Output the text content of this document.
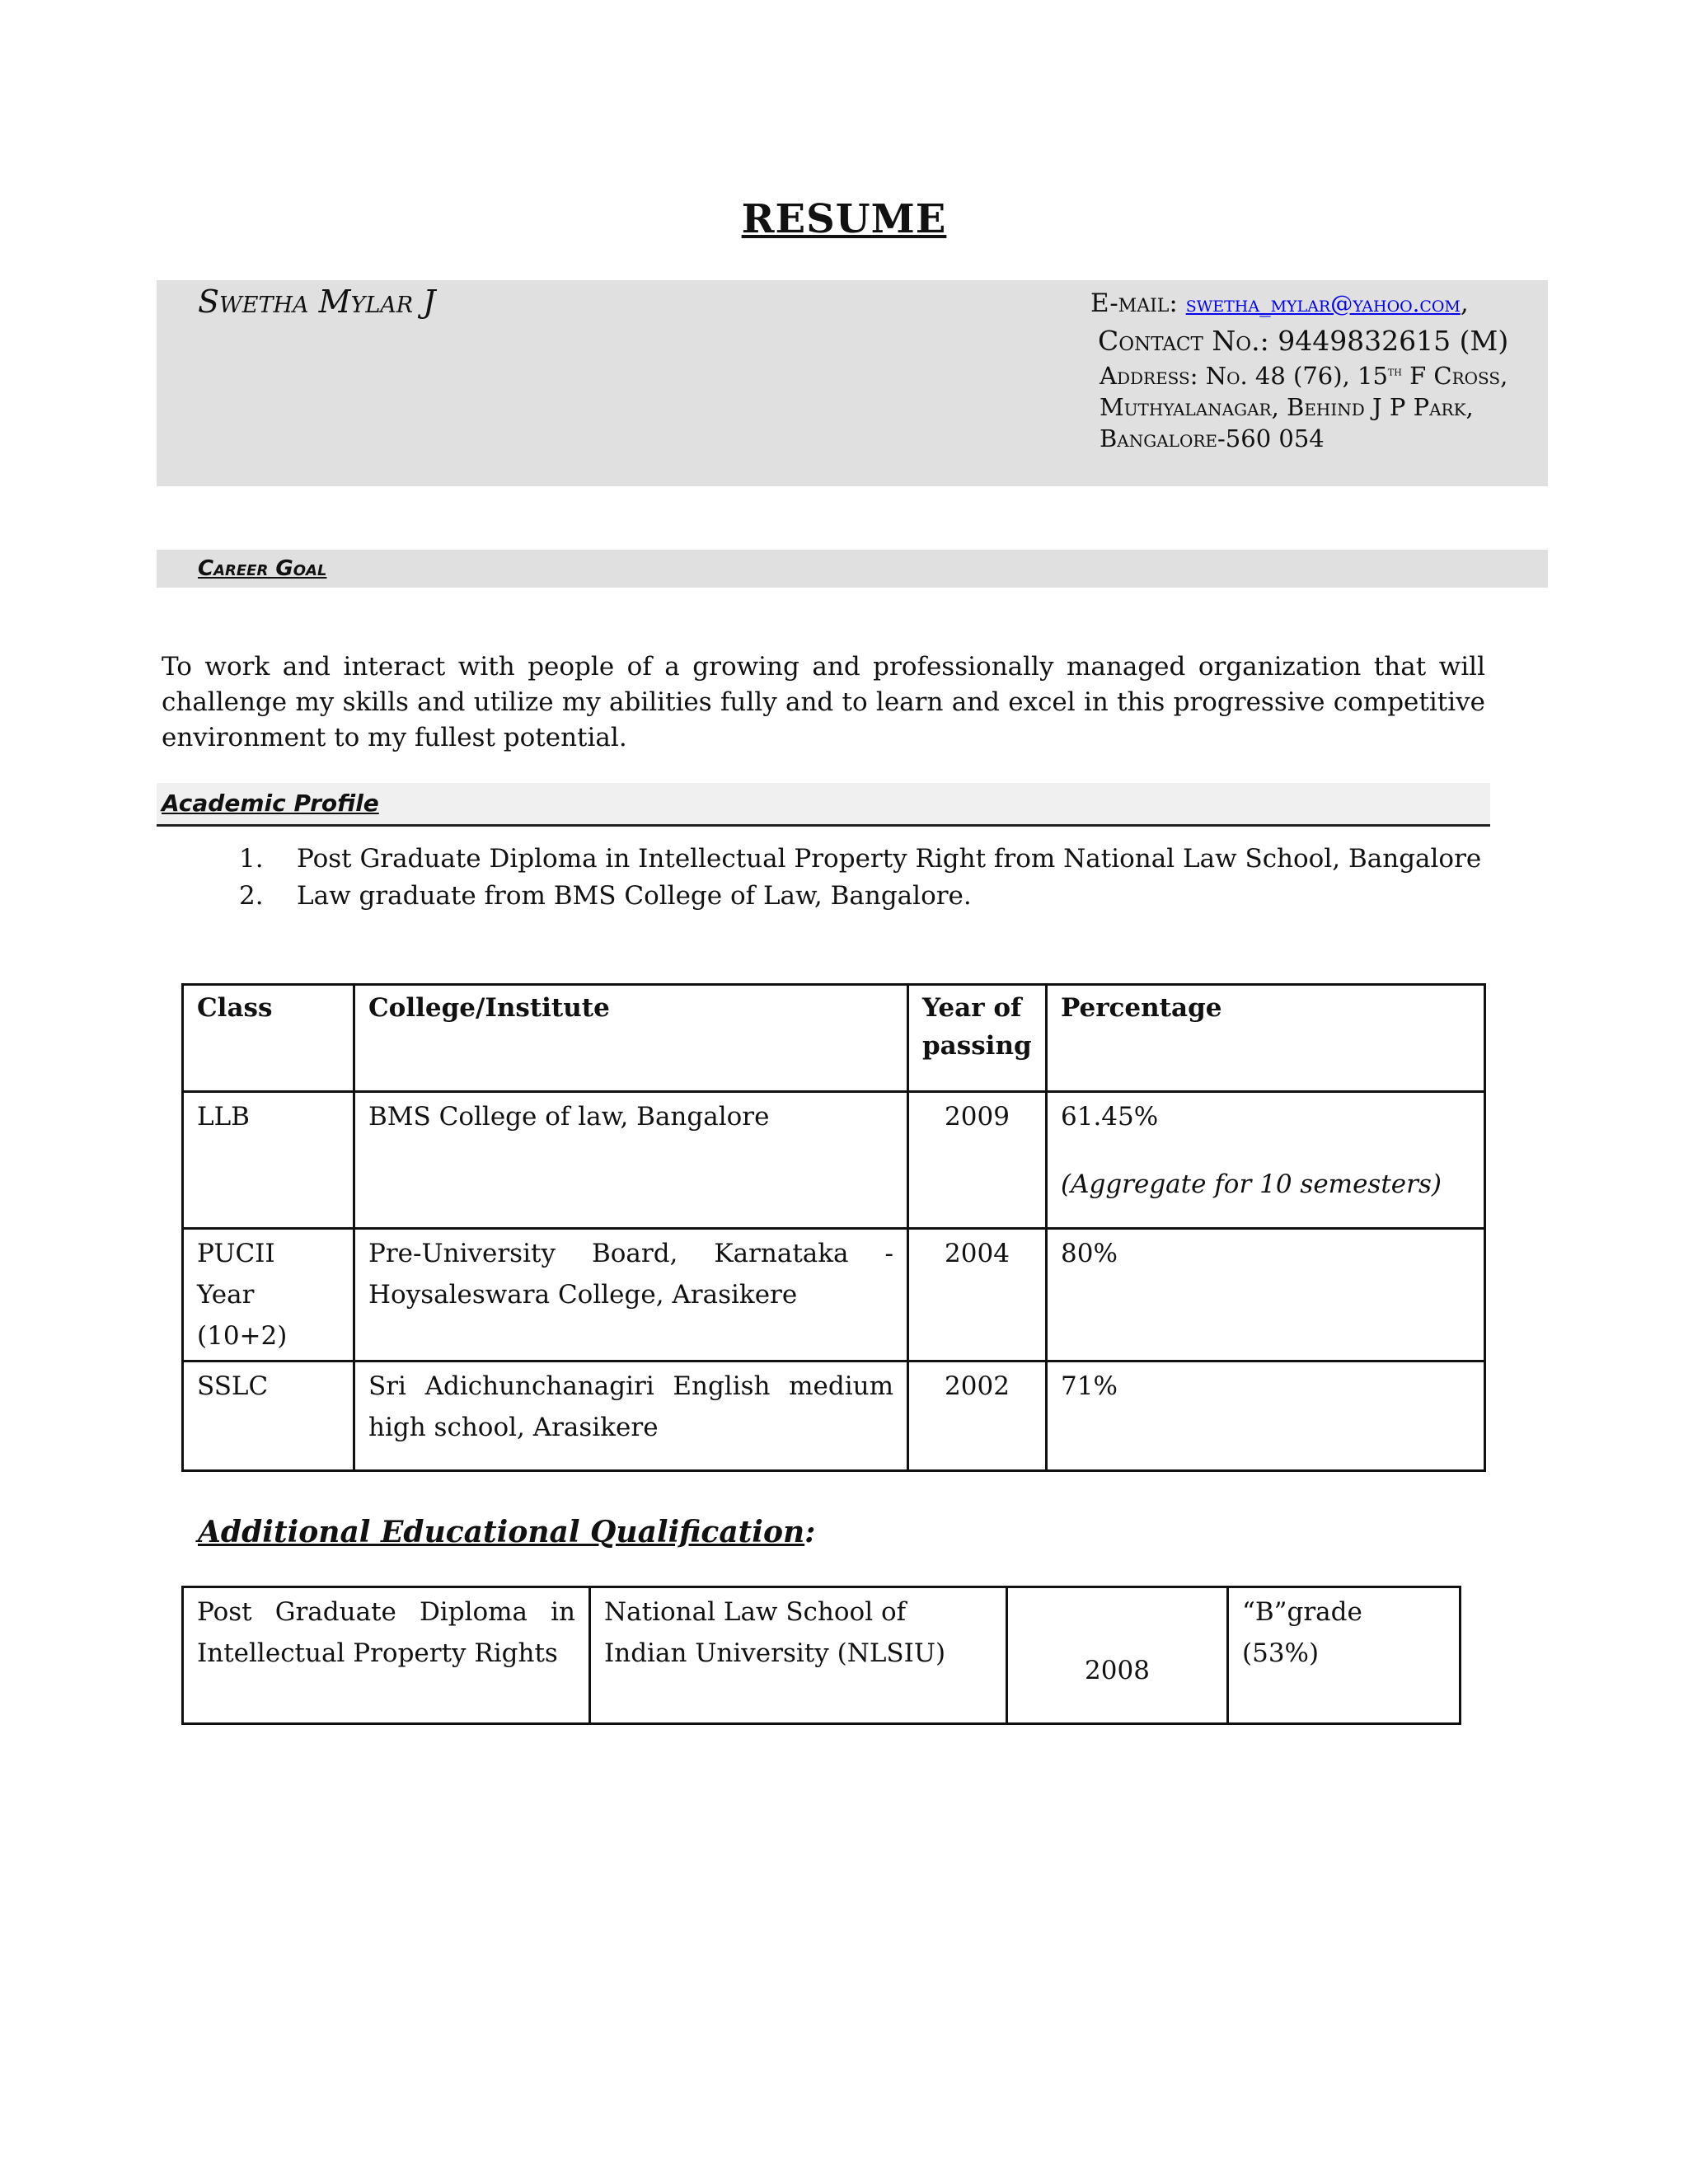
RESUME
Swetha Mylar J	E-mail: swetha_mylar@yahoo.com,
Contact No.: 9449832615 (M)
Address: No. 48 (76), 15th F Cross,
Muthyalanagar, Behind J P Park,
Bangalore-560 054
Career Goal
To work and interact with people of a growing and professionally managed organization that will challenge my skills and utilize my abilities fully and to learn and excel in this progressive competitive environment to my fullest potential.
Academic Profile
1. Post Graduate Diploma in Intellectual Property Right from National Law School, Bangalore
2. Law graduate from BMS College of Law, Bangalore.
Class	College/Institute	Year of passing	Percentage
LLB	BMS College of law, Bangalore	2009	61.45%
(Aggregate for 10 semesters)

PUCII Year (10+2)	Pre-University Board, Karnataka - Hoysaleswara College, Arasikere	2004	80%
SSLC	Sri Adichunchanagiri English medium high school, Arasikere	2002	71%
Additional Educational Qualification:
Post Graduate Diploma in Intellectual Property Rights	National Law School of Indian University (NLSIU)	2008	“B”grade (53%)
